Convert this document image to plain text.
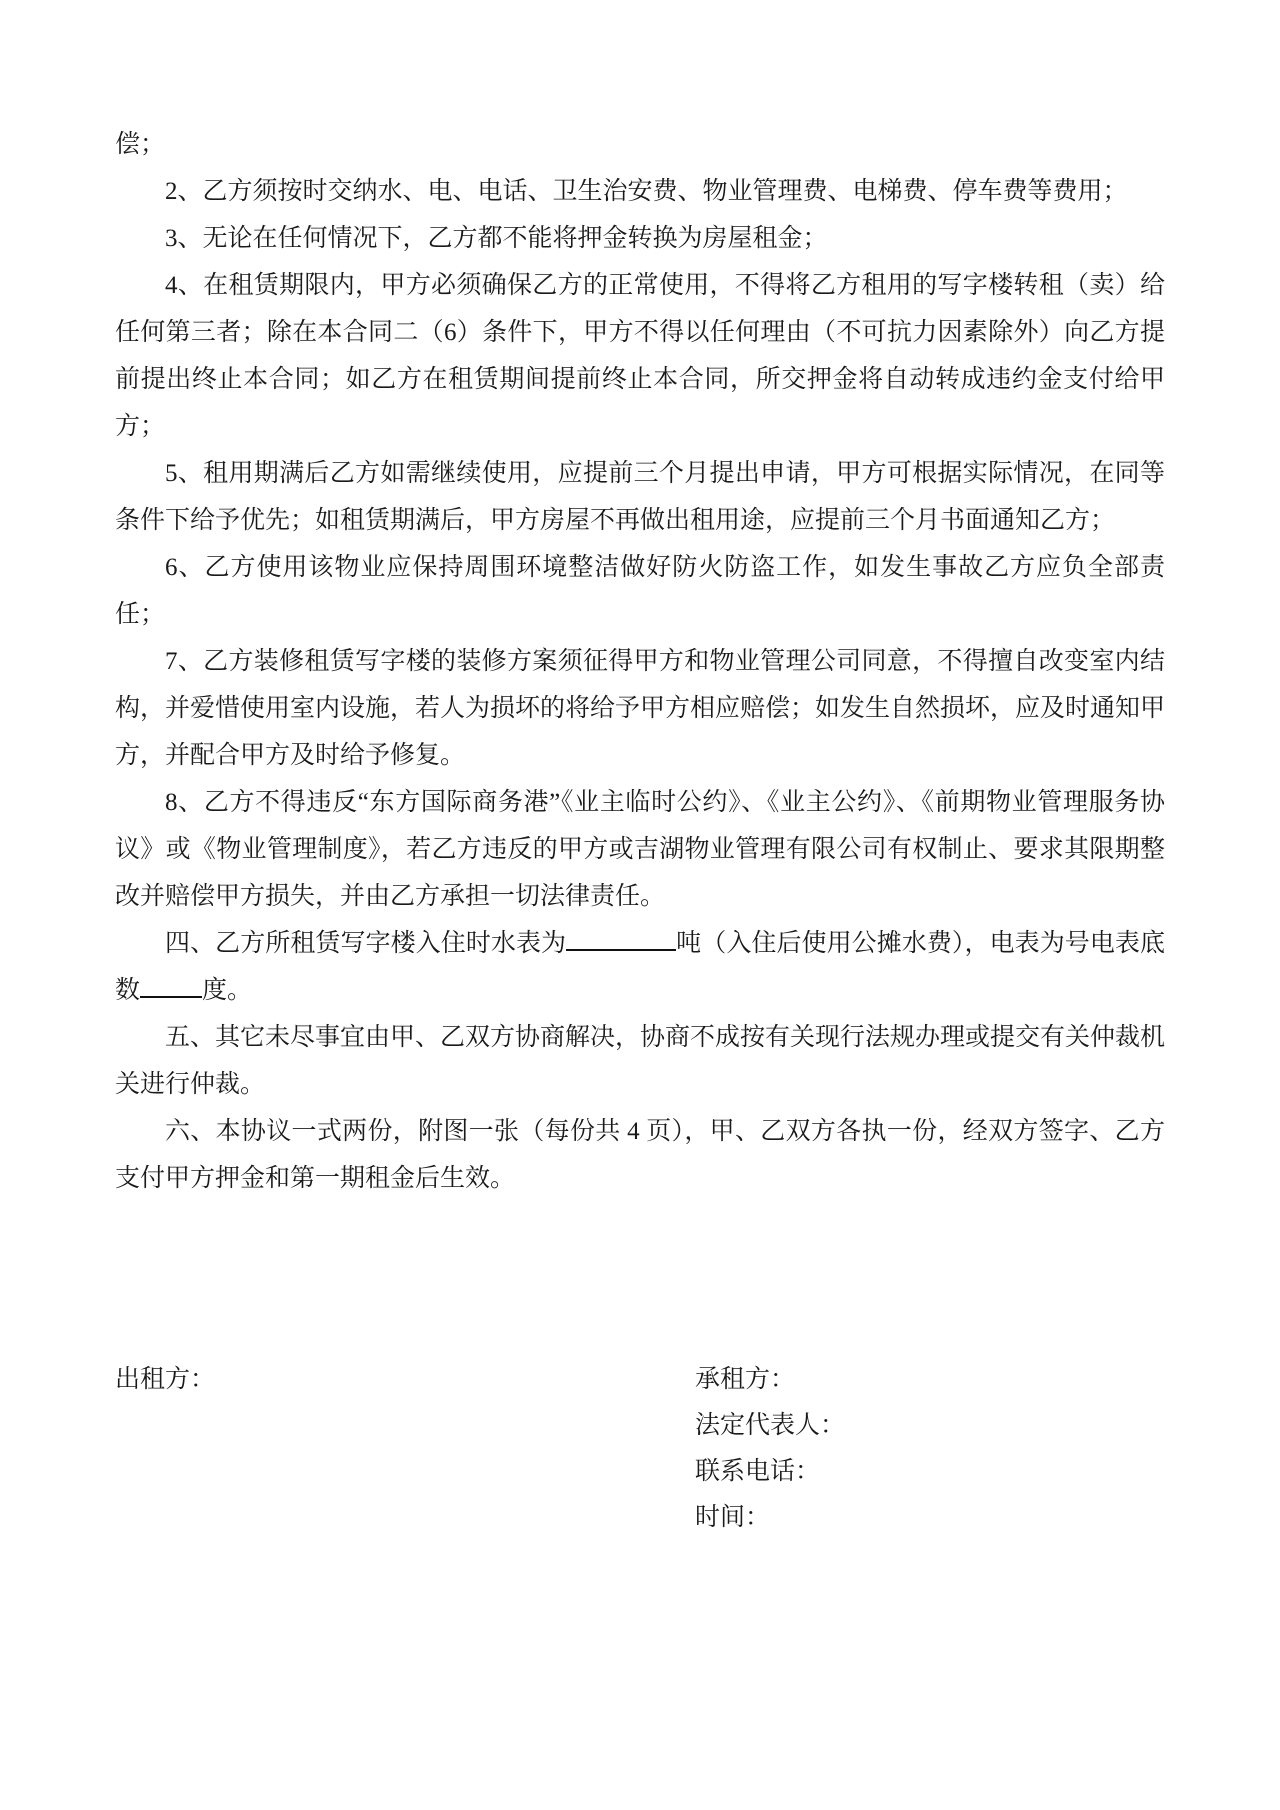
偿；

2、乙方须按时交纳水、电、电话、卫生治安费、物业管理费、电梯费、停车费等费用；

3、无论在任何情况下，乙方都不能将押金转换为房屋租金；

4、在租赁期限内，甲方必须确保乙方的正常使用，不得将乙方租用的写字楼转租（卖）给任何第三者；除在本合同二（6）条件下，甲方不得以任何理由（不可抗力因素除外）向乙方提前提出终止本合同；如乙方在租赁期间提前终止本合同，所交押金将自动转成违约金支付给甲方；

5、租用期满后乙方如需继续使用，应提前三个月提出申请，甲方可根据实际情况，在同等条件下给予优先；如租赁期满后，甲方房屋不再做出租用途，应提前三个月书面通知乙方；

6、乙方使用该物业应保持周围环境整洁做好防火防盗工作，如发生事故乙方应负全部责任；

7、乙方装修租赁写字楼的装修方案须征得甲方和物业管理公司同意，不得擅自改变室内结构，并爱惜使用室内设施，若人为损坏的将给予甲方相应赔偿；如发生自然损坏，应及时通知甲方，并配合甲方及时给予修复。

8、乙方不得违反“东方国际商务港”《业主临时公约》、《业主公约》、《前期物业管理服务协议》或《物业管理制度》，若乙方违反的甲方或吉湖物业管理有限公司有权制止、要求其限期整改并赔偿甲方损失，并由乙方承担一切法律责任。

四、乙方所租赁写字楼入住时水表为	吨（入住后使用公摊水费），电表为号电表底数 度。

五、其它未尽事宜由甲、乙双方协商解决，协商不成按有关现行法规办理或提交有关仲裁机关进行仲裁。

六、本协议一式两份，附图一张（每份共 4 页），甲、乙双方各执一份，经双方签字、乙方支付甲方押金和第一期租金后生效。

出租方：	承租方：
法定代表人：
联系电话：
时间：
